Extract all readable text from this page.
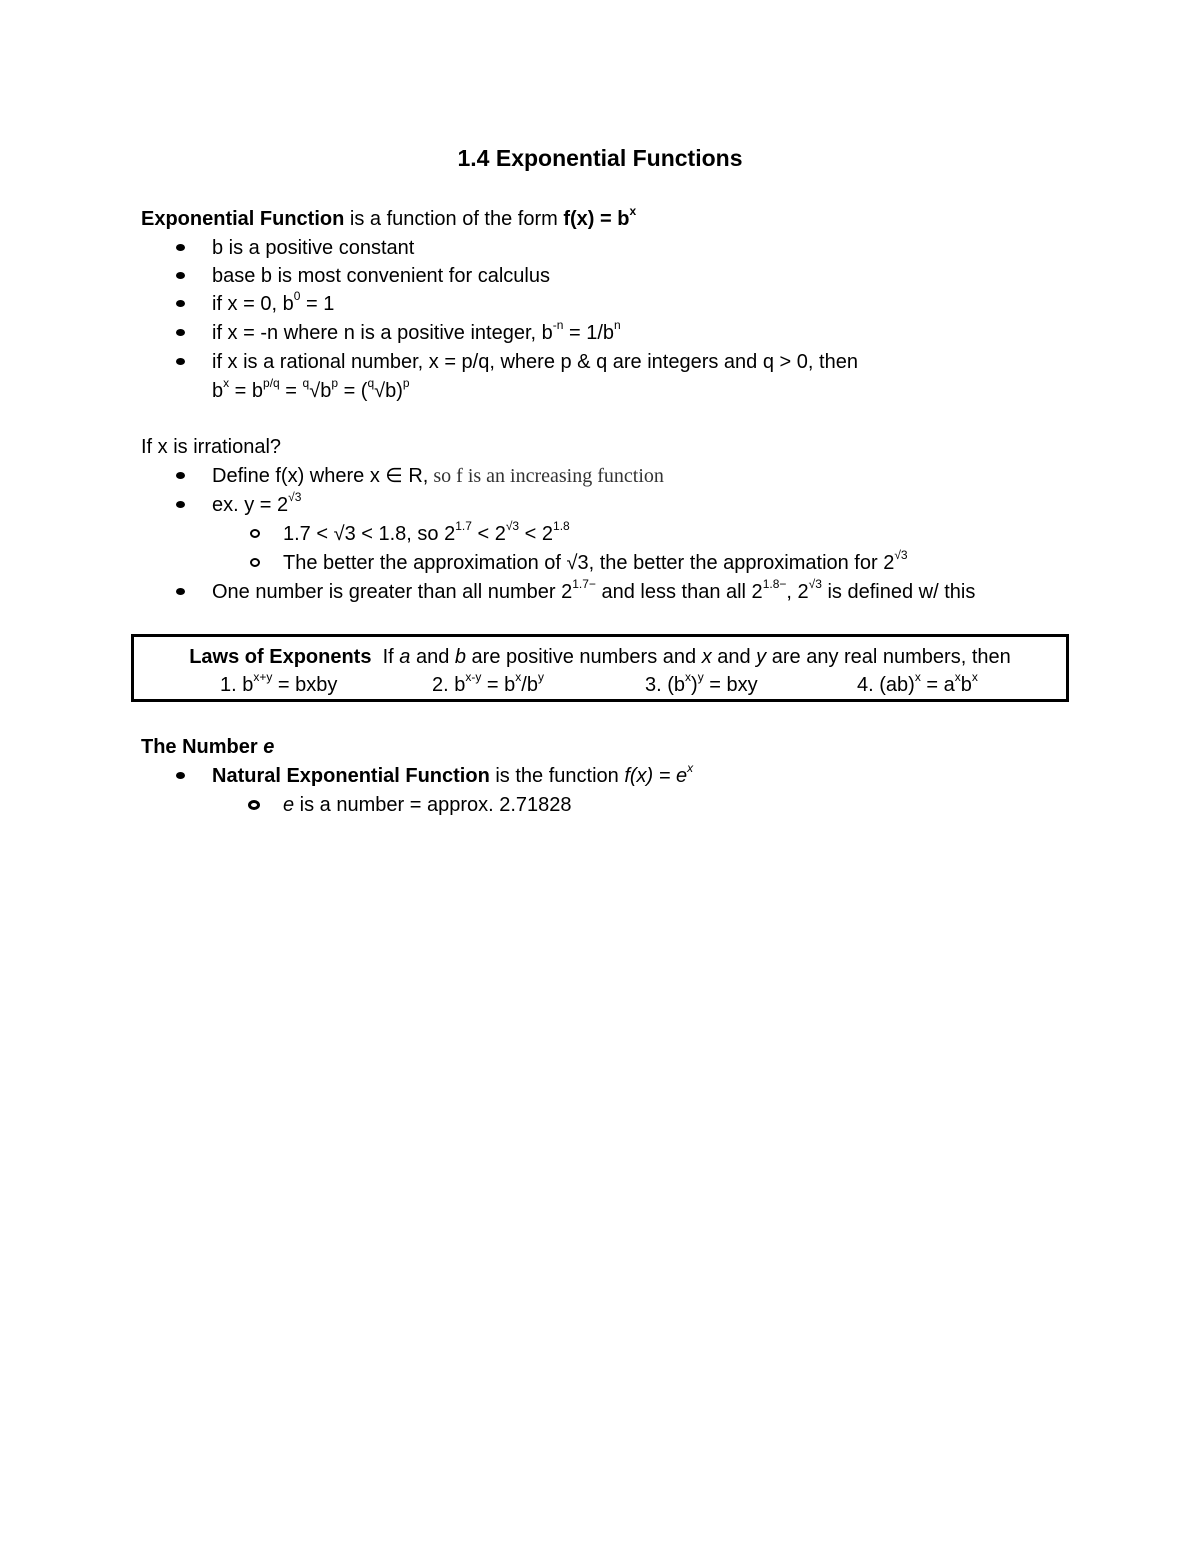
1.4 Exponential Functions
Exponential Function is a function of the form $f(x) = b^x$
b is a positive constant
base b is most convenient for calculus
if x = 0, $b^0 = 1$
if x = -n where n is a positive integer, $b^{-n} = 1/b^n$
if x is a rational number, x = p/q, where p & q are integers and q > 0, then
$b^x = b^{p/q} = ^q√b^p = (^q√b)^p$
If x is irrational?
Define f(x) where x ∈ R, so f is an increasing function
ex. $y = 2^{√3}$
1.7 < √3 < 1.8, so $2^{1.7} < 2^{√3} < 2^{1.8}$
The better the approximation of √3, the better the approximation for $2^{√3}$
One number is greater than all number $2^{1.7-}$ and less than all $2^{1.8-}$, $2^{√3}$ is defined w/ this
Laws of Exponents If a and b are positive numbers and x and y are any real numbers, then
1. $b^{x+y}$ = bxby	2. $b^{x-y} = b^x/b^y$	3. $(b^x)^y$ = bxy	4. $(ab)^x = a^xb^x$
The Number e
Natural Exponential Function is the function $f(x) = e^x$
e is a number = approx. 2.71828
